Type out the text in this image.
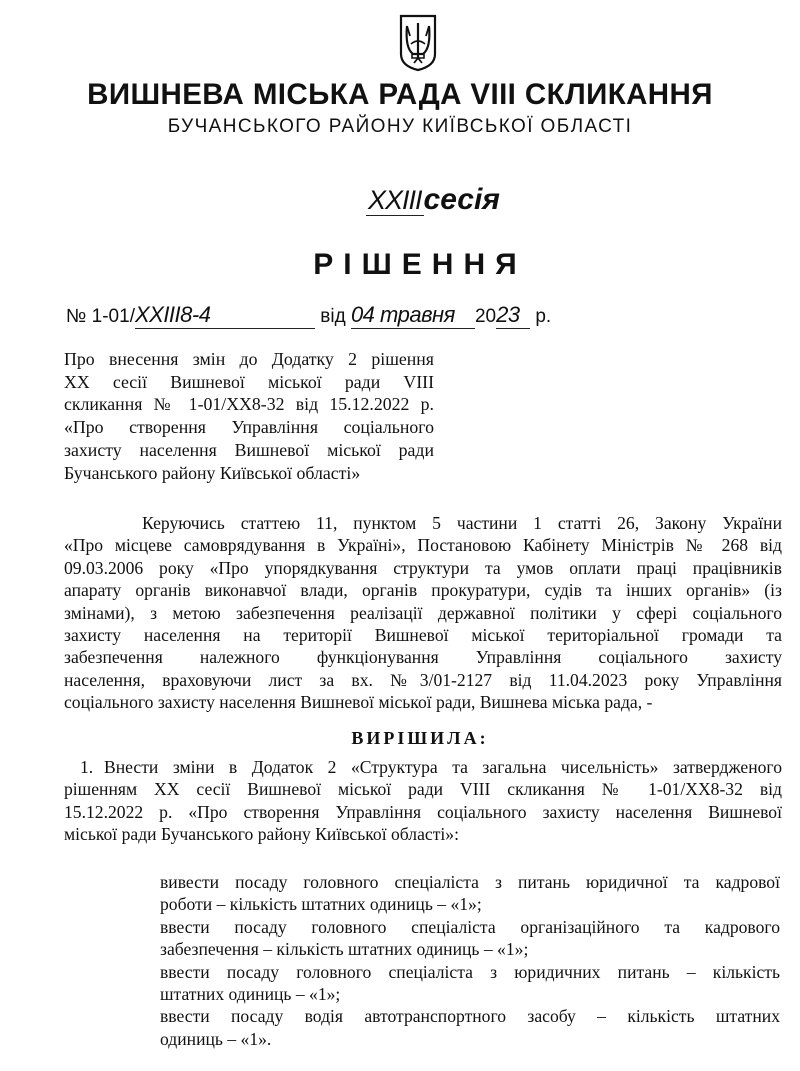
ВИШНЕВА МІСЬКА РАДА VIII СКЛИКАННЯ
БУЧАНСЬКОГО РАЙОНУ КИЇВСЬКОЇ ОБЛАСТІ
XXIIIсесія
РІШЕННЯ
№ 1-01/XXIII8-4	від 04 травня 2023 р.
Про внесення змін до Додатку 2 рішення
XX сесії Вишневої міської ради VIII
скликання № 1-01/XX8-32 від 15.12.2022 р.
«Про створення Управління соціального
захисту населення Вишневої міської ради
Бучанського району Київської області»
Керуючись статтею 11, пунктом 5 частини 1 статті 26, Закону України
«Про місцеве самоврядування в Україні», Постановою Кабінету Міністрів № 268 від
09.03.2006 року «Про упорядкування структури та умов оплати праці працівників
апарату органів виконавчої влади, органів прокуратури, судів та інших органів» (із
змінами), з метою забезпечення реалізації державної політики у сфері соціального
захисту населення на території Вишневої міської територіальної громади та
забезпечення належного функціонування Управління соціального захисту
населення, враховуючи лист за вх. №3/01-2127 від 11.04.2023 року Управління
соціального захисту населення Вишневої міської ради, Вишнева міська рада, -
ВИРІШИЛА:
1. Внести зміни в Додаток 2 «Структура та загальна чисельність» затвердженого
рішенням XX сесії Вишневої міської ради VIII скликання № 1-01/XX8-32 від
15.12.2022 р. «Про створення Управління соціального захисту населення Вишневої
міської ради Бучанського району Київської області»:
вивести посаду головного спеціаліста з питань юридичної та кадрової
роботи – кількість штатних одиниць – «1»;
ввести посаду головного спеціаліста організаційного та кадрового
забезпечення – кількість штатних одиниць – «1»;
ввести посаду головного спеціаліста з юридичних питань – кількість
штатних одиниць – «1»;
ввести посаду водія автотранспортного засобу – кількість штатних
одиниць – «1».
